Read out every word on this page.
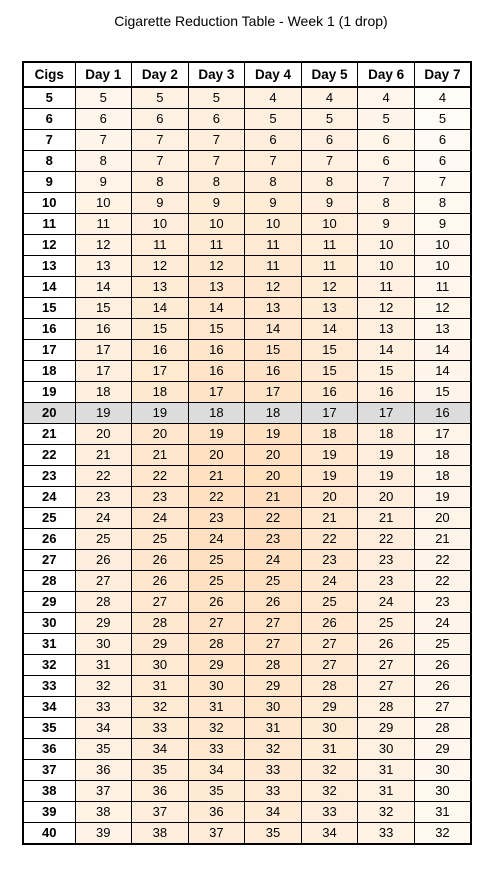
Cigarette Reduction Table - Week 1 (1 drop)
Cigs	Day 1	Day 2	Day 3	Day 4	Day 5	Day 6	Day 7
5	5	5	5	4	4	4	4
6	6	6	6	5	5	5	5
7	7	7	7	6	6	6	6
8	8	7	7	7	7	6	6
9	9	8	8	8	8	7	7
10	10	9	9	9	9	8	8
11	11	10	10	10	10	9	9
12	12	11	11	11	11	10	10
13	13	12	12	11	11	10	10
14	14	13	13	12	12	11	11
15	15	14	14	13	13	12	12
16	16	15	15	14	14	13	13
17	17	16	16	15	15	14	14
18	17	17	16	16	15	15	14
19	18	18	17	17	16	16	15
20	19	19	18	18	17	17	16
21	20	20	19	19	18	18	17
22	21	21	20	20	19	19	18
23	22	22	21	20	19	19	18
24	23	23	22	21	20	20	19
25	24	24	23	22	21	21	20
26	25	25	24	23	22	22	21
27	26	26	25	24	23	23	22
28	27	26	25	25	24	23	22
29	28	27	26	26	25	24	23
30	29	28	27	27	26	25	24
31	30	29	28	27	27	26	25
32	31	30	29	28	27	27	26
33	32	31	30	29	28	27	26
34	33	32	31	30	29	28	27
35	34	33	32	31	30	29	28
36	35	34	33	32	31	30	29
37	36	35	34	33	32	31	30
38	37	36	35	33	32	31	30
39	38	37	36	34	33	32	31
40	39	38	37	35	34	33	32
